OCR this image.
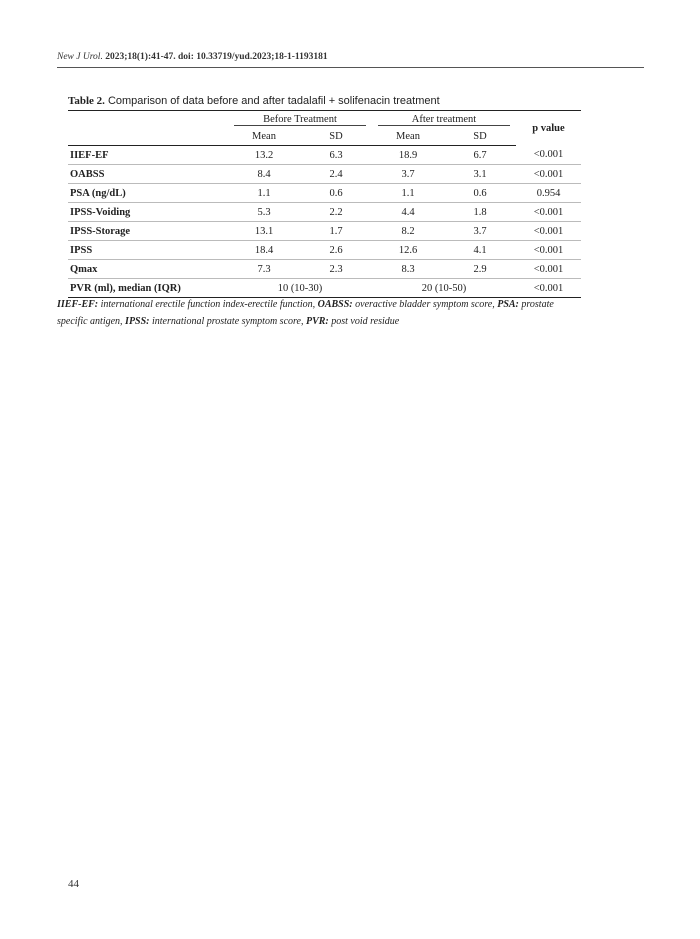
New J Urol. 2023;18(1):41-47. doi: 10.33719/yud.2023;18-1-1193181
Table 2. Comparison of data before and after tadalafil + solifenacin treatment

	Before Treatment		After treatment		p value
	Mean	SD	Mean	SD	
IIEF-EF	13.2	6.3	18.9	6.7	<0.001
OABSS	8.4	2.4	3.7	3.1	<0.001
PSA (ng/dL)	1.1	0.6	1.1	0.6	0.954
IPSS-Voiding	5.3	2.2	4.4	1.8	<0.001
IPSS-Storage	13.1	1.7	8.2	3.7	<0.001
IPSS	18.4	2.6	12.6	4.1	<0.001
Qmax	7.3	2.3	8.3	2.9	<0.001
PVR (ml), median (IQR)	10 (10-30)		20 (10-50)		<0.001
IIEF-EF: international erectile function index-erectile function, OABSS: overactive bladder symptom score, PSA: prostate specific antigen, IPSS: international prostate symptom score, PVR: post void residue
44
